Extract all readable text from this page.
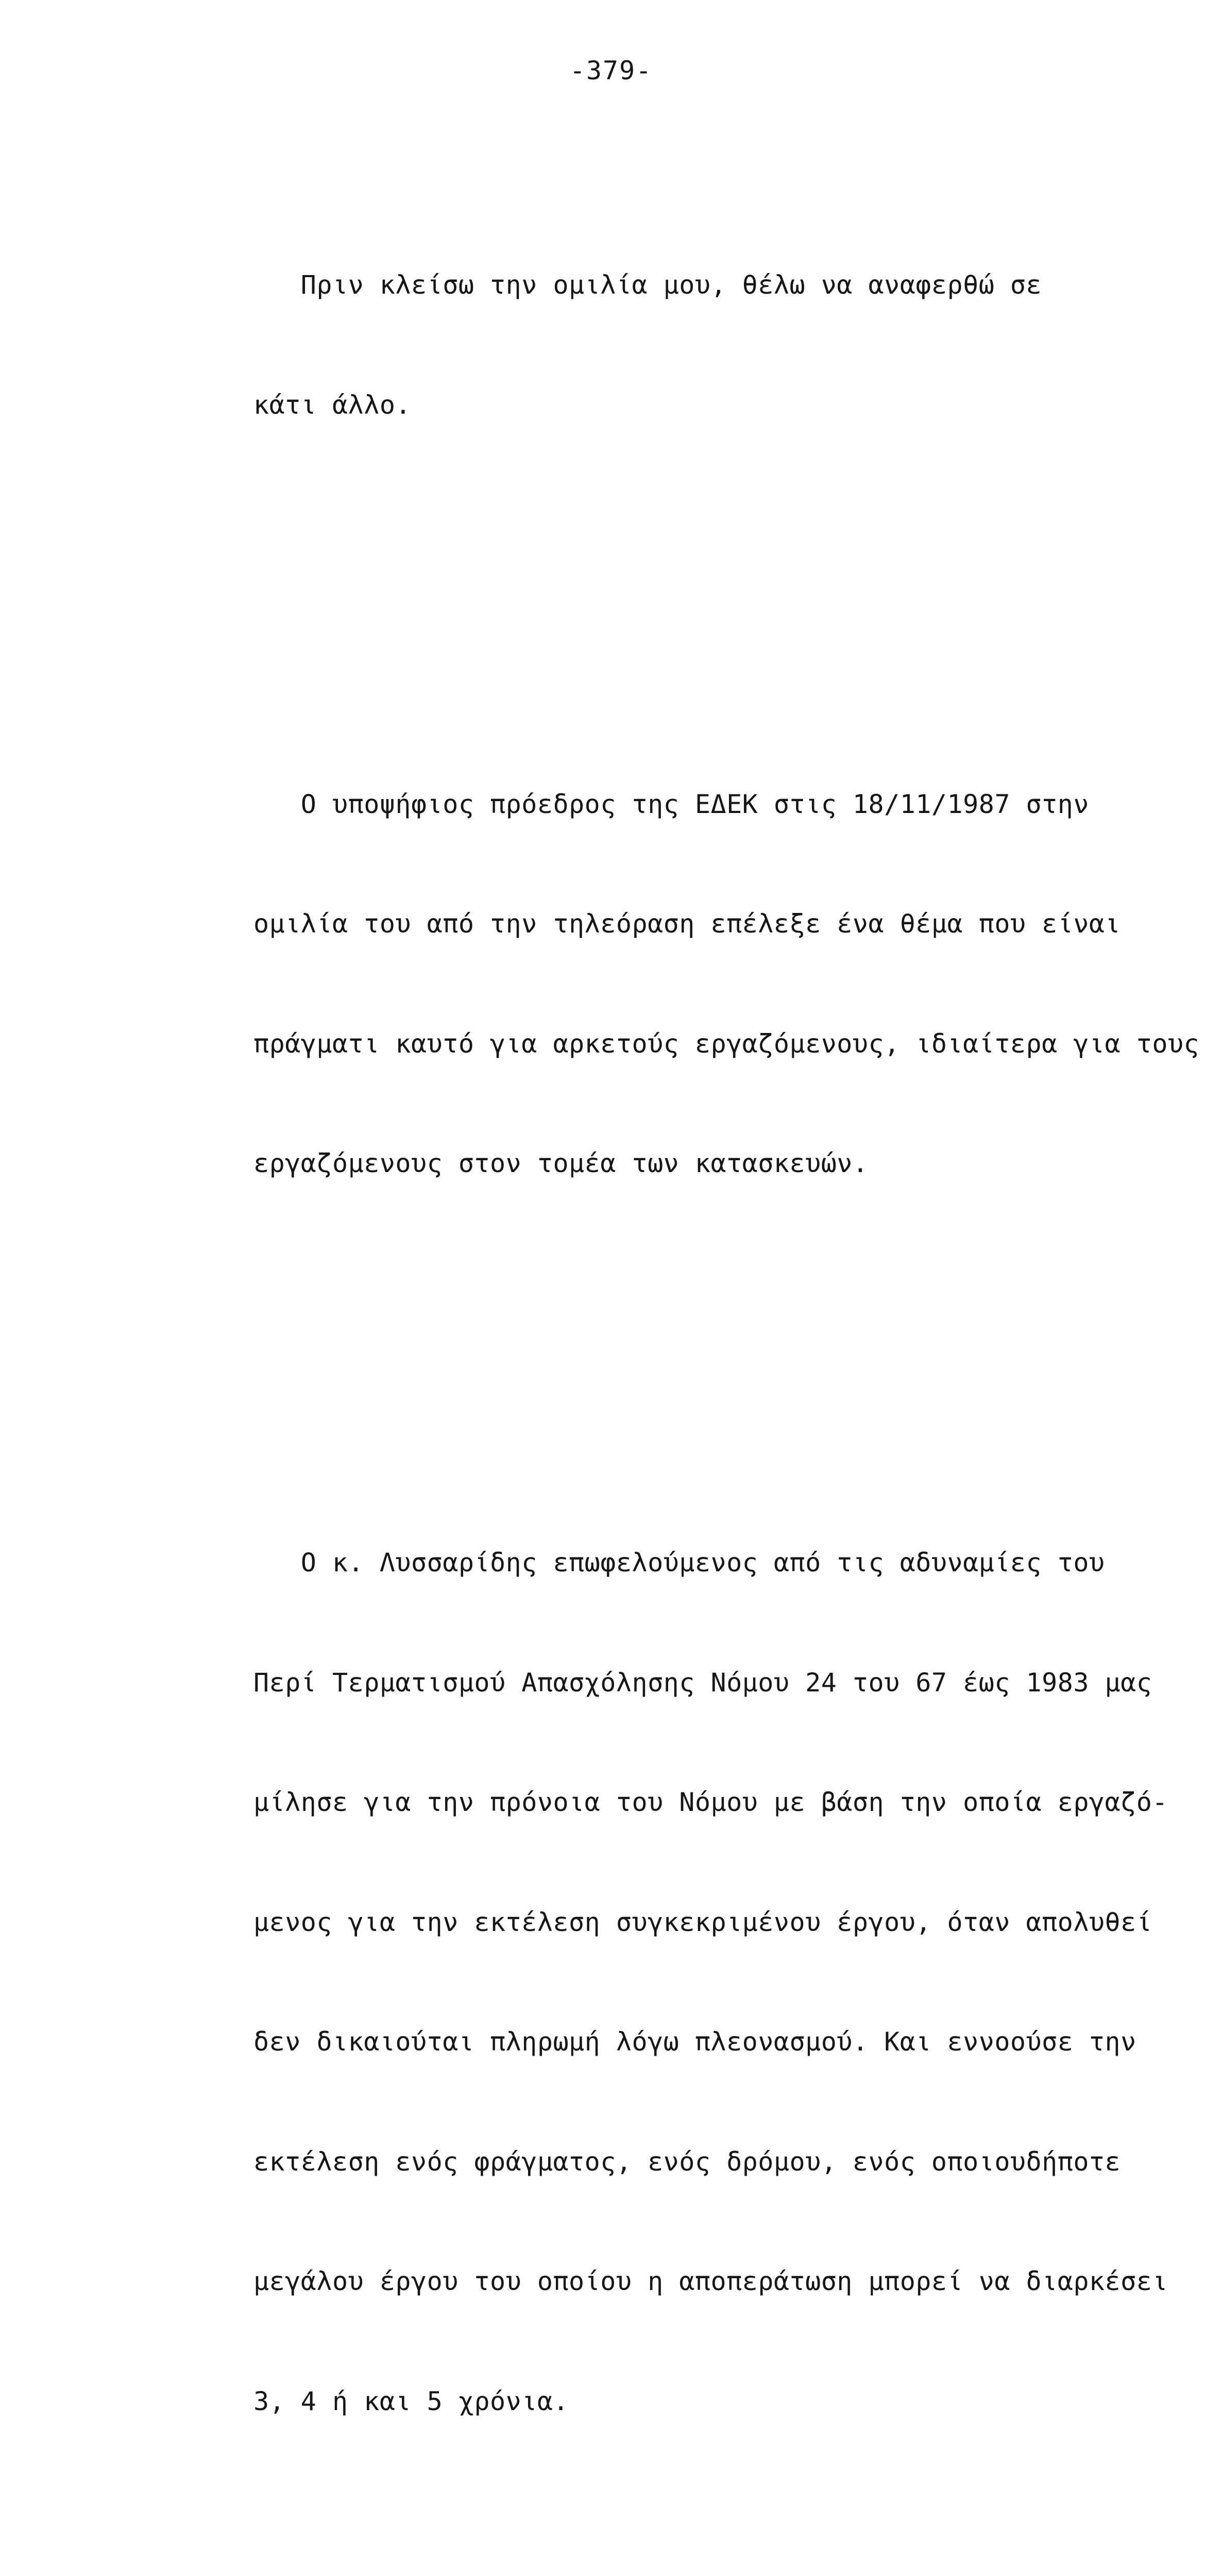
-379-

Πριν κλείσω την ομιλία μου, θέλω να αναφερθώ σε

κάτι άλλο.

Ο υποψήφιος πρόεδρος της ΕΔΕΚ στις 18/11/1987 στην

ομιλία του από την τηλεόραση επέλεξε ένα θέμα που είναι

πράγματι καυτό για αρκετούς εργαζόμενους, ιδιαίτερα για τους

εργαζόμενους στον τομέα των κατασκευών.

Ο κ. Λυσσαρίδης επωφελούμενος από τις αδυναμίες του

Περί Τερματισμού Απασχόλησης Νόμου 24 του 67 έως 1983 μας

μίλησε για την πρόνοια του Νόμου με βάση την οποία εργαζό-

μενος για την εκτέλεση συγκεκριμένου έργου, όταν απολυθεί

δεν δικαιούται πληρωμή λόγω πλεονασμού. Και εννοούσε την

εκτέλεση ενός φράγματος, ενός δρόμου, ενός οποιουδήποτε

μεγάλου έργου του οποίου η αποπεράτωση μπορεί να διαρκέσει

3, 4 ή και 5 χρόνια.
